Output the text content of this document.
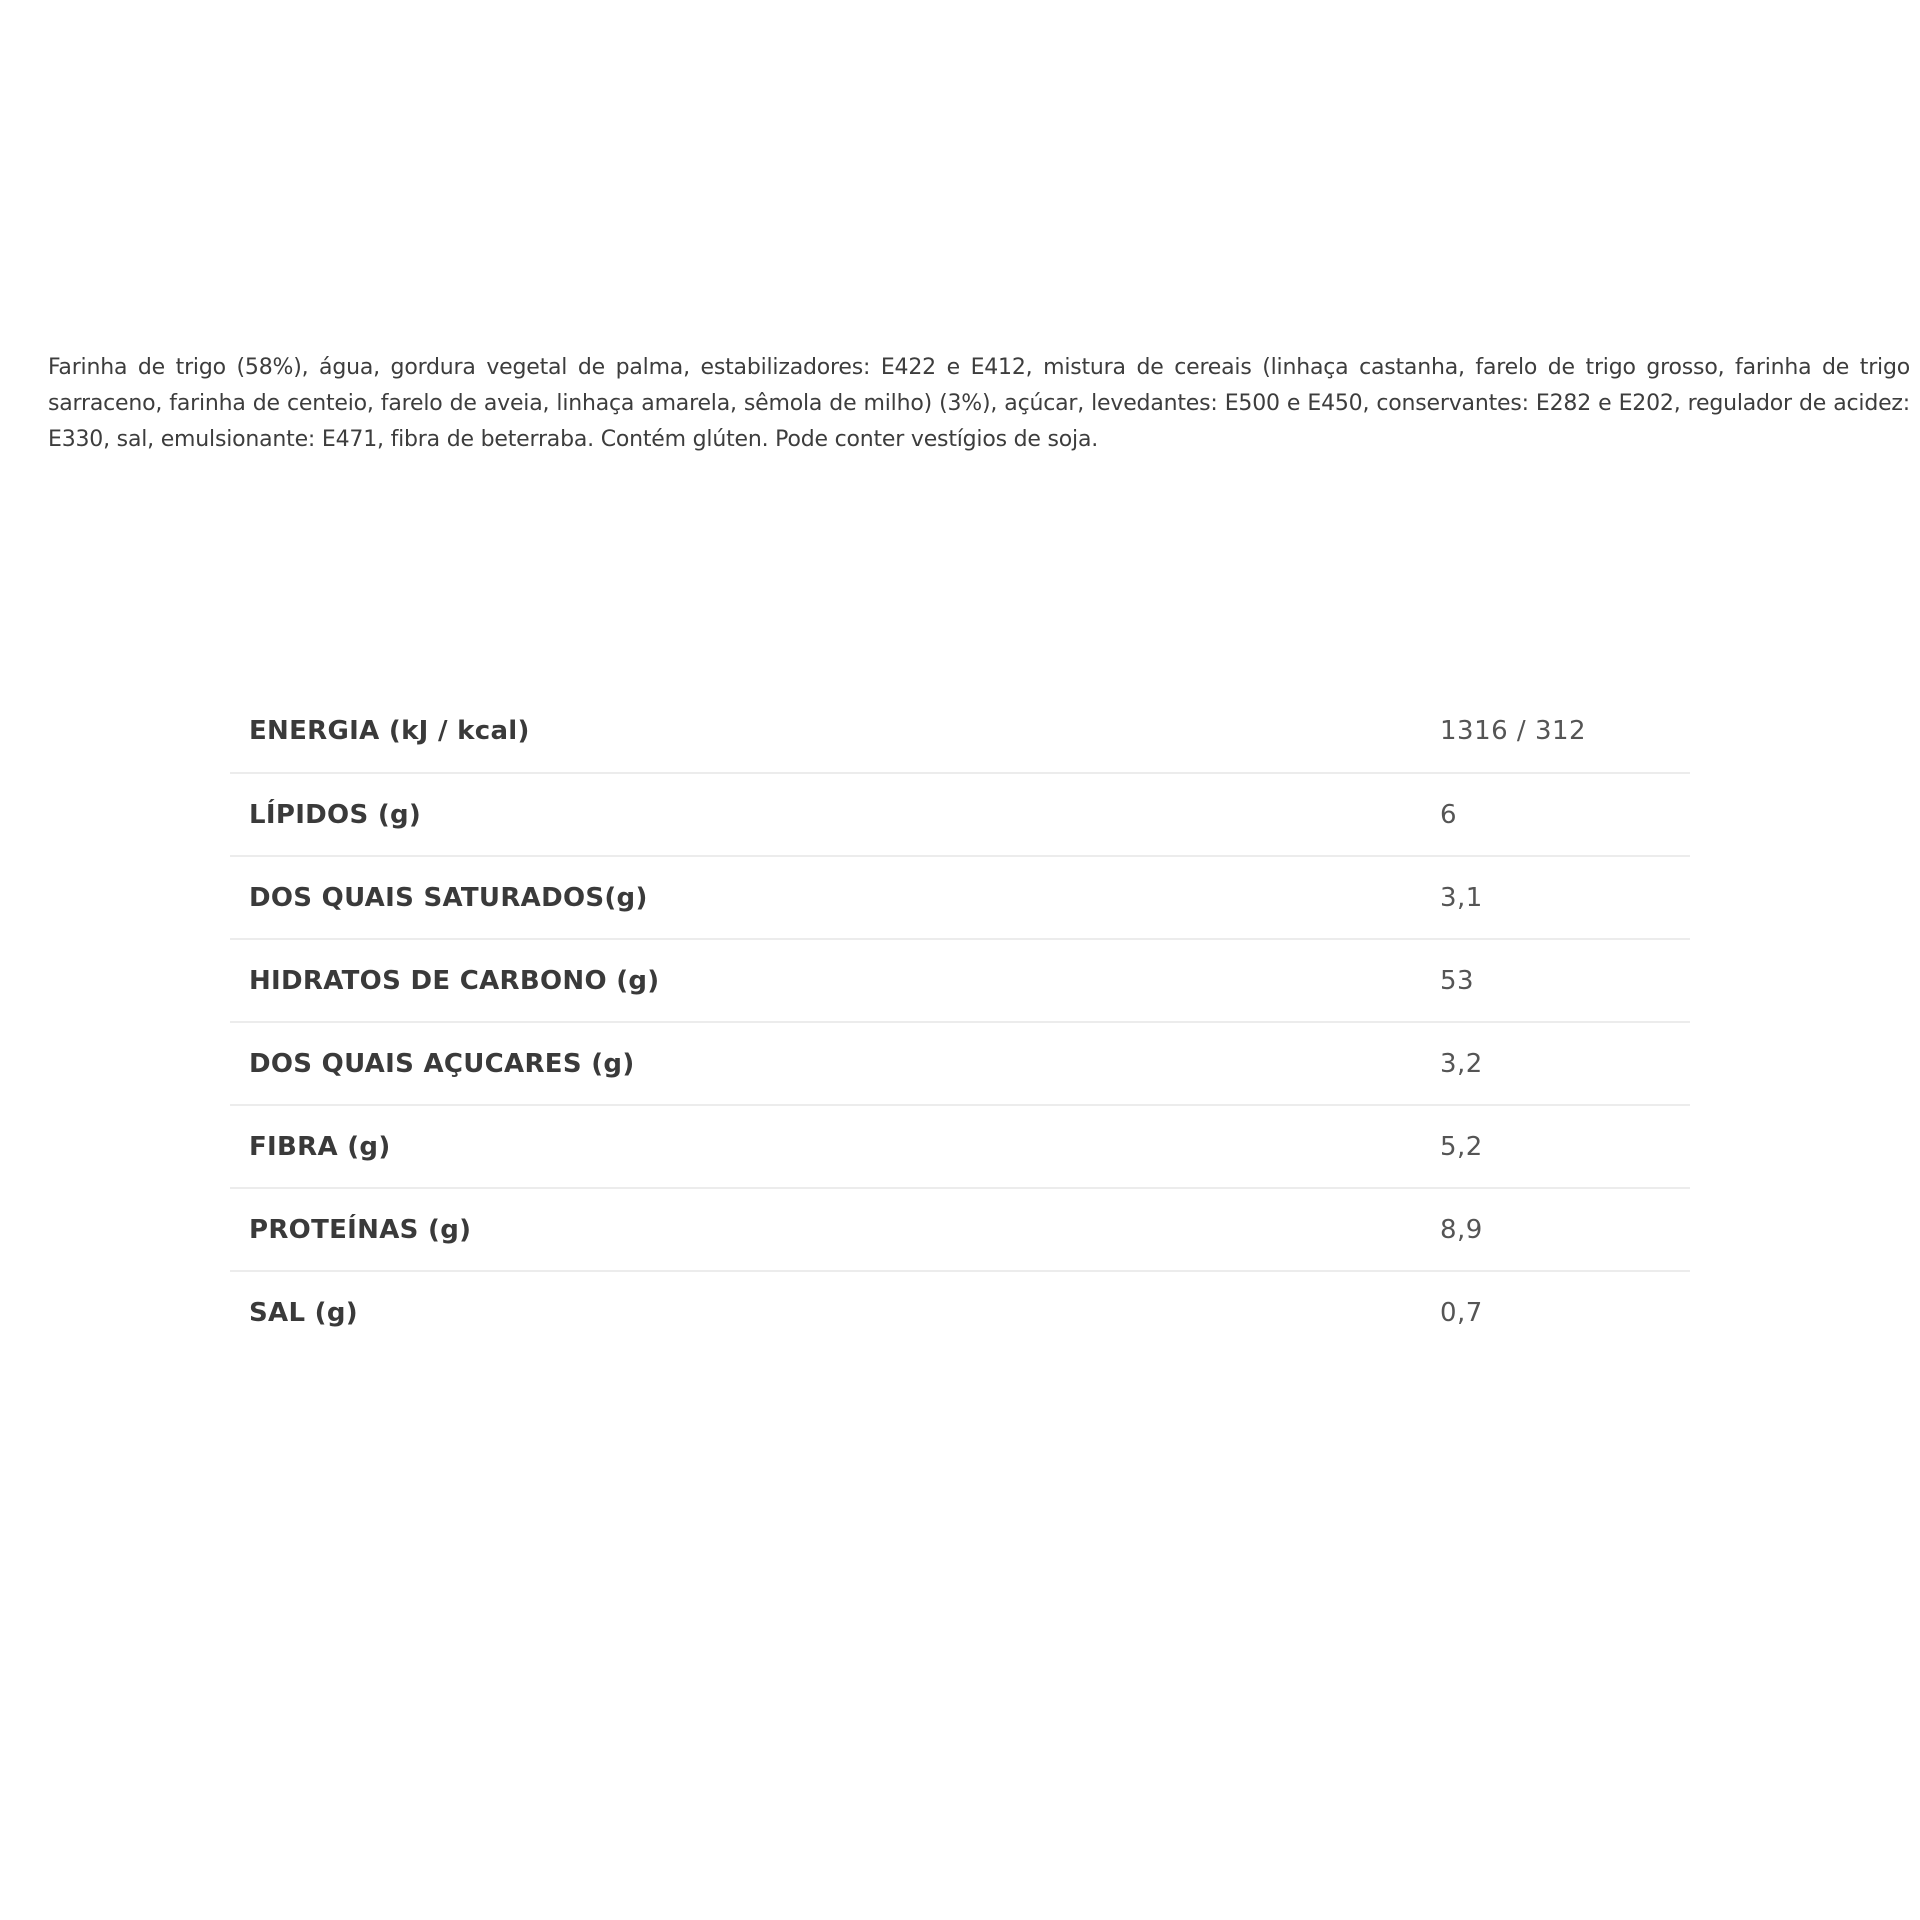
Farinha de trigo (58%), água, gordura vegetal de palma, estabilizadores: E422 e E412, mistura de cereais (linhaça castanha, farelo de trigo grosso, farinha de trigo sarraceno, farinha de centeio, farelo de aveia, linhaça amarela, sêmola de milho) (3%), açúcar, levedantes: E500 e E450, conservantes: E282 e E202, regulador de acidez: E330, sal, emulsionante: E471, fibra de beterraba. Contém glúten. Pode conter vestígios de soja.

ENERGIA (kJ / kcal)	1316 / 312
LÍPIDOS (g)	6
DOS QUAIS SATURADOS(g)	3,1
HIDRATOS DE CARBONO (g)	53
DOS QUAIS AÇUCARES (g)	3,2
FIBRA (g)	5,2
PROTEÍNAS (g)	8,9
SAL (g)	0,7
